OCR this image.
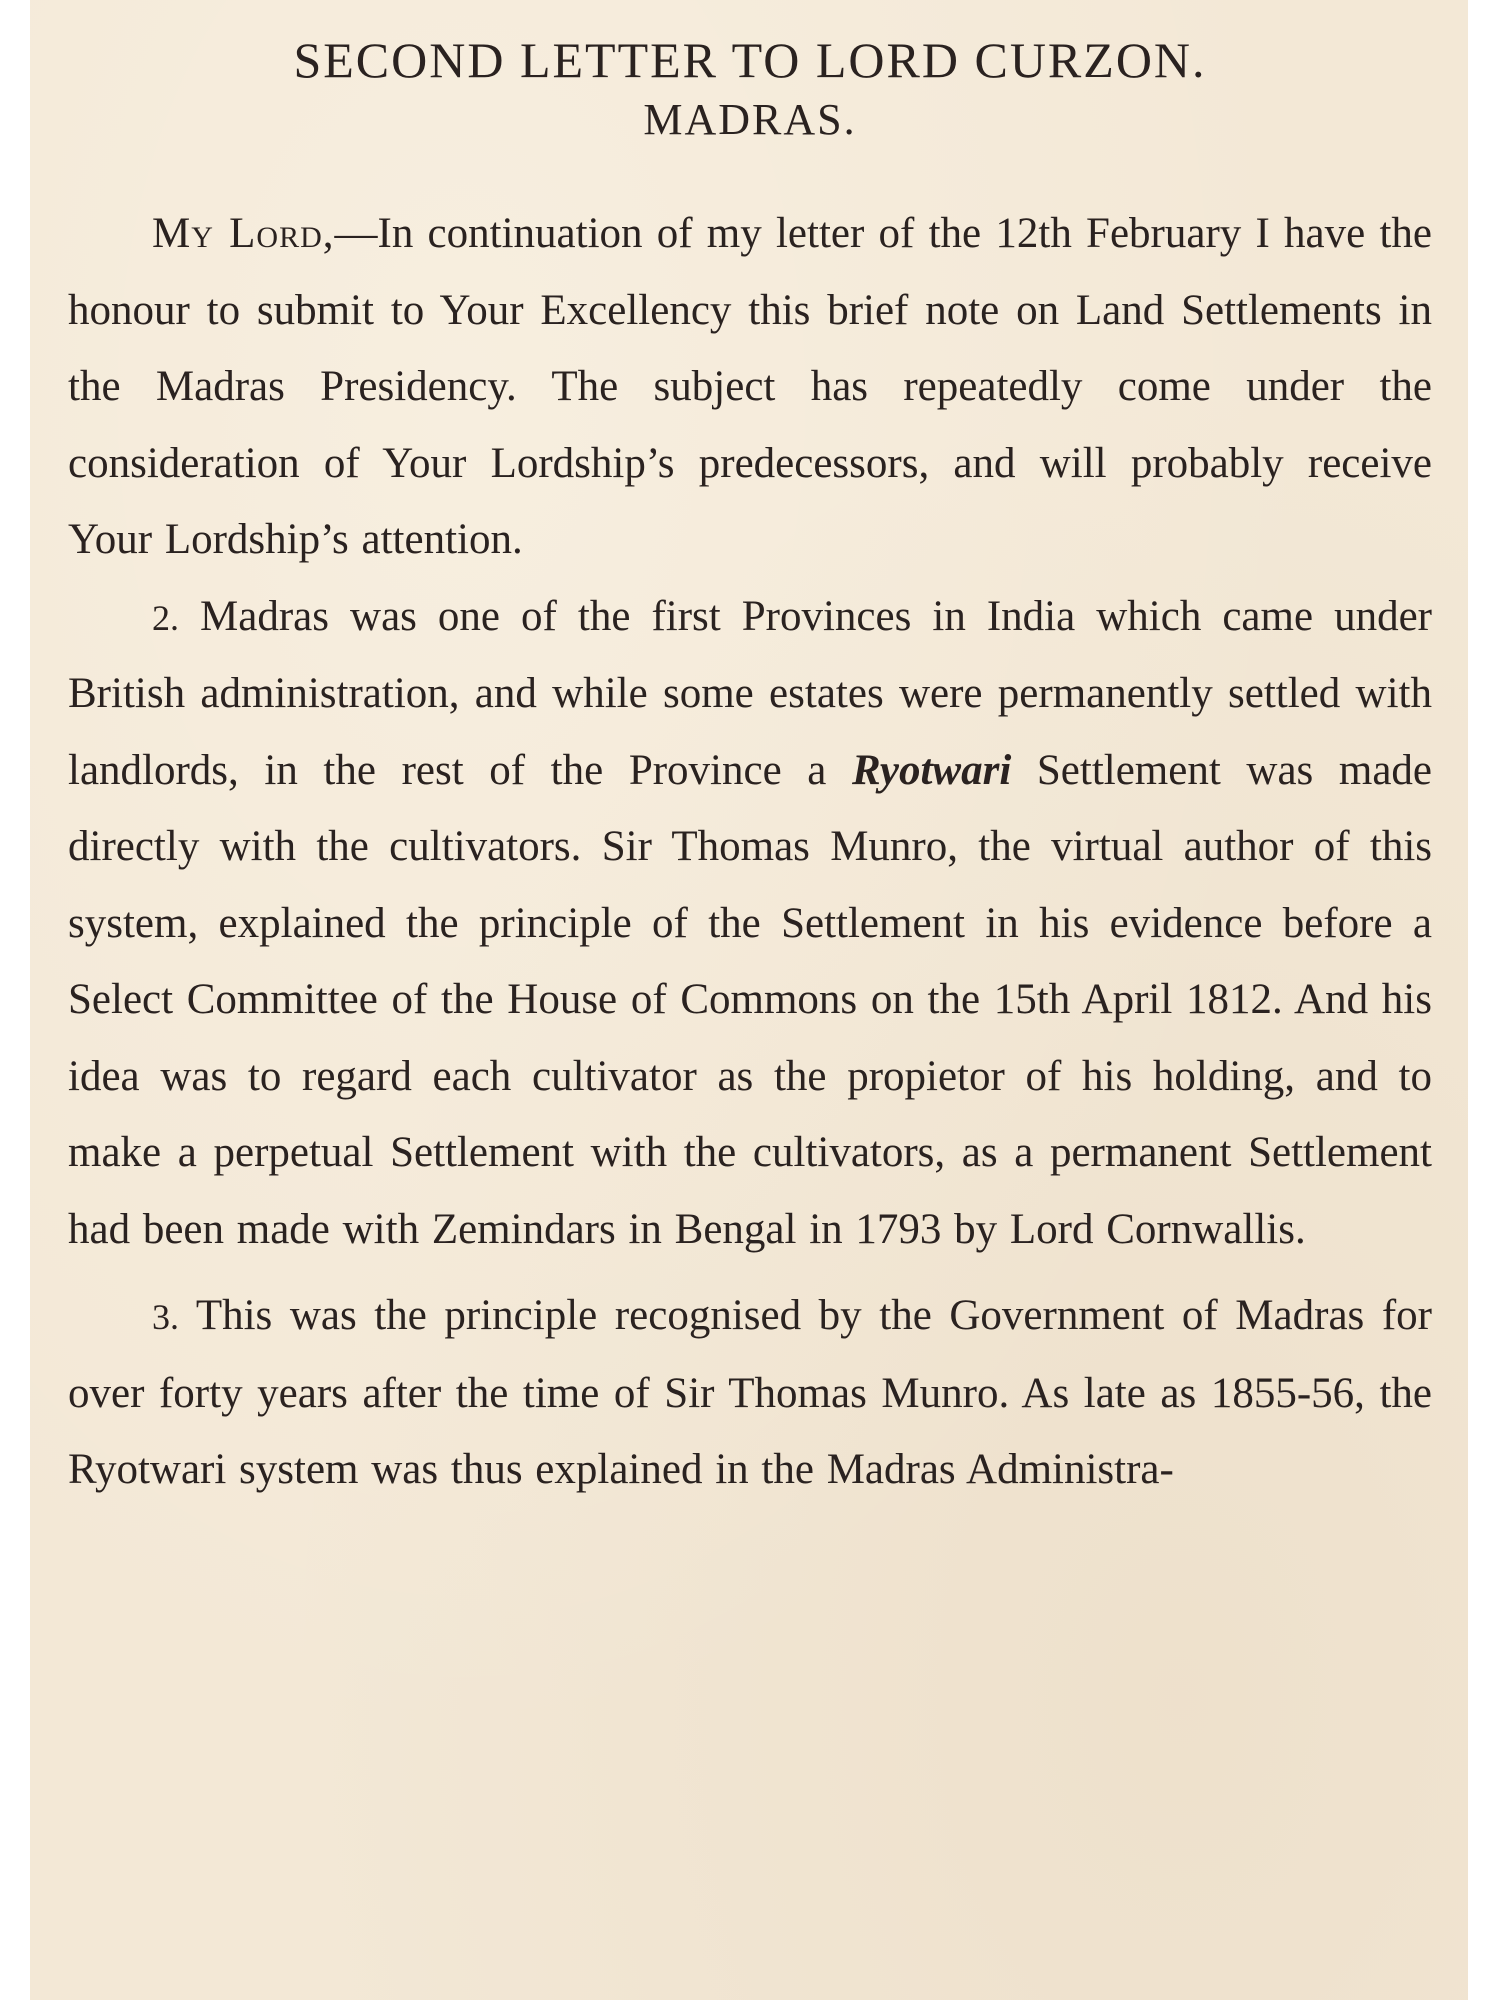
SECOND LETTER TO LORD CURZON.
MADRAS.

My Lord,—In continuation of my letter of the 12th February I have the honour to submit to Your Excellency this brief note on Land Settlements in the Madras Presidency. The subject has repeatedly come under the consideration of Your Lordship’s predecessors, and will probably receive Your Lordship’s attention.

2. Madras was one of the first Provinces in India which came under British administration, and while some estates were permanently settled with landlords, in the rest of the Province a Ryotwari Settlement was made directly with the cultivators. Sir Thomas Munro, the virtual author of this system, explained the principle of the Settlement in his evidence before a Select Committee of the House of Commons on the 15th April 1812. And his idea was to regard each cultivator as the propietor of his holding, and to make a perpetual Settlement with the cultivators, as a permanent Settlement had been made with Zemindars in Bengal in 1793 by Lord Cornwallis.

3. This was the principle recognised by the Government of Madras for over forty years after the time of Sir Thomas Munro. As late as 1855-56, the Ryotwari system was thus explained in the Madras Administra-
